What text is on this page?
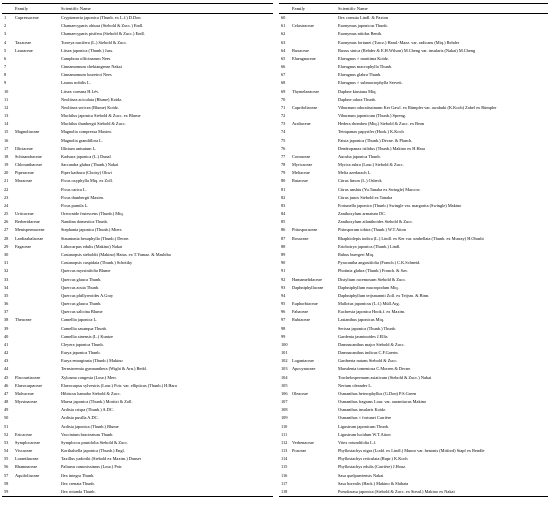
Family	Scientific Name
1	Cupressaceae	Cryptomeria japonica (Thunb. ex L.f.) D.Don
2	Chamaecyparis obtusa (Siebold & Zucc.) Endl.
3	Chamaecyparis pisifera (Siebold & Zucc.) Endl.
4	Taxaceae	Torreya nucifera (L.) Siebold & Zucc.
5	Lauraceae	Litsea japonica (Thunb.) Juss.
6	Camphora officinarum Nees
7	Cinnamomum chekiangense Nakai
8	Cinnamomum loureiroi Nees
9	Laurus nobilis L.
10	Litsea coreana H.Lév.
11	Neolitsea aciculata (Blume) Koidz.
12	Neolitsea sericea (Blume) Koidz.
13	Machilus japonica Siebold & Zucc. ex Blume
14	Machilus thunbergii Siebold & Zucc.
15	Magnoliaceae	Magnolia compressa Maxim.
16	Magnolia grandiflora L.
17	Illiciaceae	Illicium anisatum L.
18	Schisandraceae	Kadsura japonica (L.) Dunal
19	Chloranthaceae	Sarcandra glabra (Thunb.) Nakai
20	Piperaceae	Piper kadsura (Choisy) Ohwi
21	Moraceae	Ficus oxyphylla Miq. ex Zoll.
22	Ficus carica L.
23	Ficus thunbergii Maxim.
24	Ficus pumila L.
25	Urticaceae	Oreocnide frutescens (Thunb.) Miq.
26	Berberidaceae	Nandina domestica Thunb.
27	Menispermaceae	Stephania japonica (Thunb.) Miers
28	Lardizabalaceae	Stauntonia hexaphylla (Thunb.) Decne.
29	Fagaceae	Lithocarpus edulis (Makino) Nakai
30	Castanopsis sieboldii (Makino) Hatus. ex T.Yamaz. & Mashiba
31	Castanopsis cuspidata (Thunb.) Schottky
32	Quercus myrsinifolia Blume
33	Quercus glauca Thunb.
34	Quercus acuta Thunb.
35	Quercus phillyreoides A.Gray
36	Quercus glauca Thunb.
37	Quercus salicina Blume
38	Theaceae	Camellia japonica L.
39	Camellia sasanqua Thunb.
40	Camellia sinensis (L.) Kuntze
41	Cleyera japonica Thunb.
42	Eurya japonica Thunb.
43	Eurya emarginata (Thunb.) Makino
44	Ternstroemia gymnanthera (Wight & Arn.) Bedd.
45	Flacourtiaceae	Xylosma congesta (Lour.) Merr.
46	Elaeocarpaceae	Elaeocarpus sylvestris (Lour.) Poir. var. ellipticus (Thunb.) H.Hara
47	Malvaceae	Hibiscus hamabo Siebold & Zucc.
48	Myrsinaceae	Maesa japonica (Thunb.) Moritzi & Zoll.
49	Ardisia crispa (Thunb.) A.DC.
50	Ardisia pusilla A.DC.
51	Ardisia japonica (Thunb.) Blume
52	Ericaceae	Vaccinium bracteatum Thunb.
53	Symplocaceae	Symplocos prunifolia Siebold & Zucc.
54	Viscaceae	Korthalsella japonica (Thunb.) Engl.
55	Loranthaceae	Taxillus yadoriki (Siebold ex Maxim.) Danser
56	Rhamnaceae	Paliurus ramosissimus (Lour.) Poir.
57	Aquifoliaceae	Ilex integra Thunb.
58	Ilex crenata Thunb.
59	Ilex rotunda Thunb.
Family	Scientific Name
60	Ilex cornuta Lindl. & Paxton
61	Celastraceae	Euonymus japonicus Thunb.
62	Euonymus nitidus Benth.
63	Euonymus fortunei (Turcz.) Hand.-Mazz. var. radicans (Miq.) Rehder
64	Buxaceae	Buxus sinica (Rehder & E.H.Wilson) M.Cheng var. insularis (Nakai) M.Cheng
65	Elaeagnaceae	Elaeagnus × maritima Koidz.
66	Elaeagnus macrophylla Thunb.
67	Elaeagnus glabra Thunb.
68	Elaeagnus × submacrophylla Servett.
69	Thymelaeaceae	Daphne kiusiana Miq.
70	Daphne odora Thunb.
71	Caprifoliaceae	Viburnum odoratissimum Ker Gawl. ex Rümpler var. awabuki (K.Koch) Zabel ex Rümpler
72	Viburnum japonicum (Thunb.) Spreng.
73	Araliaceae	Hedera rhombea (Miq.) Siebold & Zucc. ex Bean
74	Tetrapanax papyrifer (Hook.) K.Koch
75	Fatsia japonica (Thunb.) Decne. & Planch.
76	Dendropanax trifidus (Thunb.) Makino ex H.Hara
77	Cornaceae	Aucuba japonica Thunb.
78	Myricaceae	Myrica rubra (Lour.) Siebold & Zucc.
79	Meliaceae	Melia azedarach L.
80	Rutaceae	Citrus limon (L.) Osbeck
81	Citrus unshiu (Yu.Tanaka ex Swingle) Marcow.
82	Citrus junos Siebold ex Tanaka
83	Fortunella japonica (Thunb.) Swingle var. margarita (Swingle) Makino
84	Zanthoxylum armatum DC.
85	Zanthoxylum ailanthoides Siebold & Zucc.
86	Pittosporaceae	Pittosporum tobira (Thunb.) W.T.Aiton
87	Rosaceae	Rhaphiolepis indica (L.) Lindl. ex Ker var. umbellata (Thunb. ex Murray) H.Ohashi
88	Eriobotrya japonica (Thunb.) Lindl.
89	Rubus buergeri Miq.
90	Pyracantha angustifolia (Franch.) C.K.Schneid.
91	Photinia glabra (Thunb.) Franch. & Sav.
92	Hamamelidaceae	Distylium racemosum Siebold & Zucc.
93	Daphniphyllaceae	Daphniphyllum macropodum Miq.
94	Daphniphyllum teijsmannii Zoll. ex Teijsm. & Binn.
95	Euphorbiaceae	Mallotus japonicus (L.f.) Müll.Arg.
96	Fabaceae	Euchresta japonica Hook.f. ex Maxim.
97	Rubiaceae	Lasianthus japonicus Miq.
98	Serissa japonica (Thunb.) Thunb.
99	Gardenia jasminoides J.Ellis
100	Damnacanthus major Siebold & Zucc.
101	Damnacanthus indicus C.F.Gaertn.
102	Loganiaceae	Gardneria nutans Siebold & Zucc.
103	Apocynaceae	Marsdenia tomentosa C.Morren & Decne.
104	Trachelospermum asiaticum (Siebold & Zucc.) Nakai
105	Nerium oleander L.
106	Oleaceae	Osmanthus heterophyllus (G.Don) P.S.Green
107	Osmanthus fragrans Lour. var. aurantiacus Makino
108	Osmanthus insularis Koidz.
109	Osmanthus × fortunei Carrière
110	Ligustrum japonicum Thunb.
111	Ligustrum lucidum W.T.Aiton
112	Verbenaceae	Vitex rotundifolia L.f.
113	Poaceae	Phyllostachys nigra (Lodd. ex Lindl.) Munro var. henonis (Mitford) Stapf ex Rendle
114	Phyllostachys reticulata (Rupr.) K.Koch
115	Phyllostachys edulis (Carrière) J.Houz.
116	Sasa quelpaertensis Nakai
117	Sasa borealis (Hack.) Makino & Shibata
118	Pseudosasa japonica (Siebold & Zucc. ex Steud.) Makino ex Nakai
